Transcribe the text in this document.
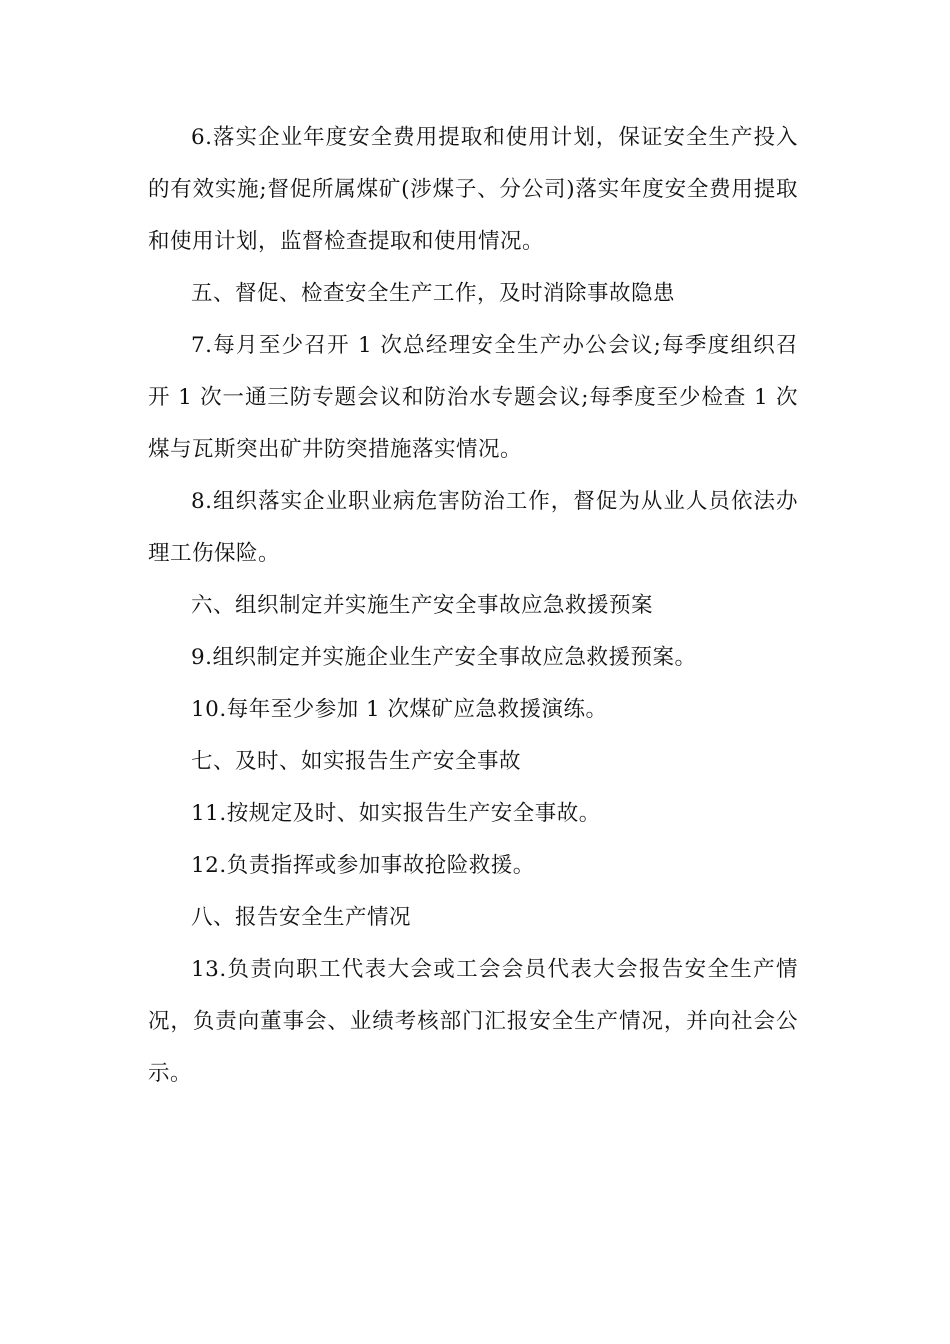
6.落实企业年度安全费用提取和使用计划，保证安全生产投入的有效实施;督促所属煤矿(涉煤子、分公司)落实年度安全费用提取和使用计划，监督检查提取和使用情况。

五、督促、检查安全生产工作，及时消除事故隐患

7.每月至少召开 1 次总经理安全生产办公会议;每季度组织召开 1 次一通三防专题会议和防治水专题会议;每季度至少检查 1 次煤与瓦斯突出矿井防突措施落实情况。

8.组织落实企业职业病危害防治工作，督促为从业人员依法办理工伤保险。

六、组织制定并实施生产安全事故应急救援预案

9.组织制定并实施企业生产安全事故应急救援预案。

10.每年至少参加 1 次煤矿应急救援演练。

七、及时、如实报告生产安全事故

11.按规定及时、如实报告生产安全事故。

12.负责指挥或参加事故抢险救援。

八、报告安全生产情况

13.负责向职工代表大会或工会会员代表大会报告安全生产情况，负责向董事会、业绩考核部门汇报安全生产情况，并向社会公示。
